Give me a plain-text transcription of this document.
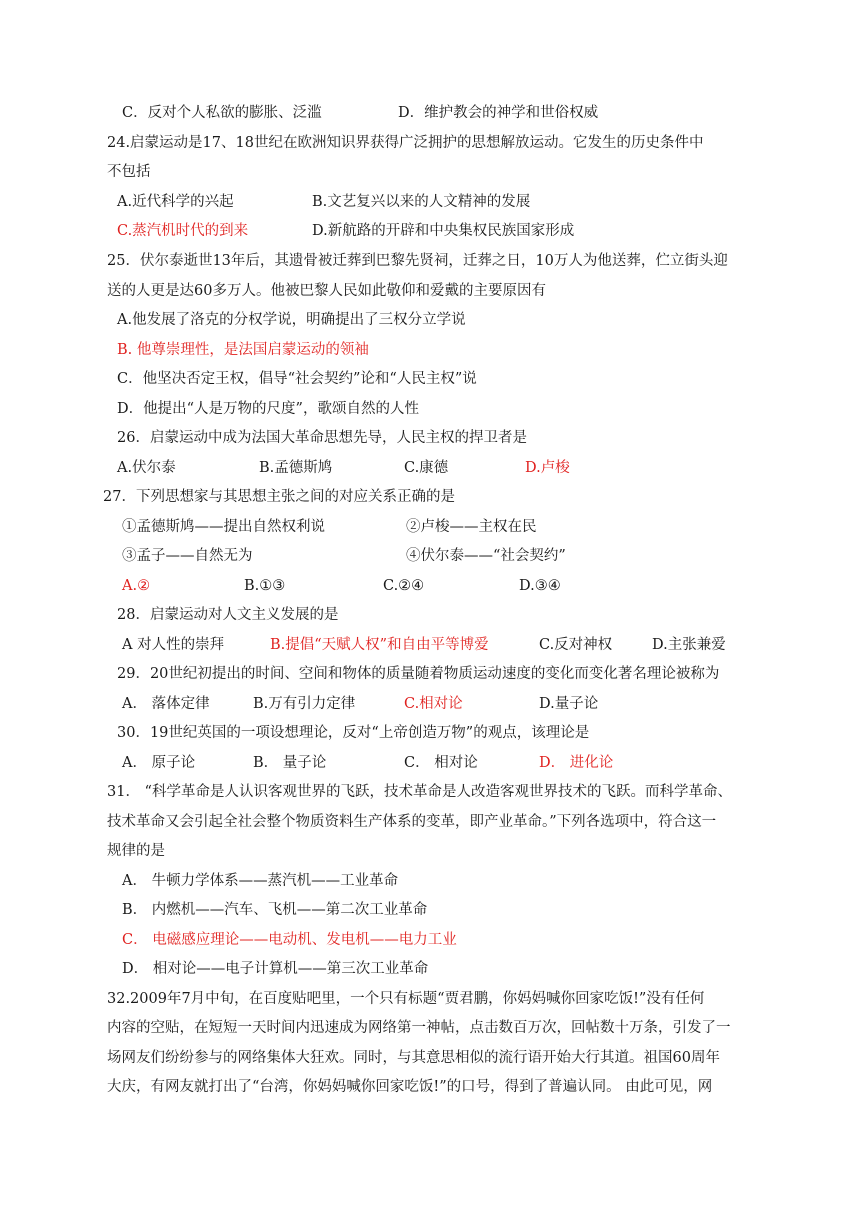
C．反对个人私欲的膨胀、泛滥	D．维护教会的神学和世俗权威
24.启蒙运动是17、18世纪在欧洲知识界获得广泛拥护的思想解放运动。它发生的历史条件中
不包括
A.近代科学的兴起	B.文艺复兴以来的人文精神的发展
C.蒸汽机时代的到来	D.新航路的开辟和中央集权民族国家形成
25．伏尔泰逝世13年后，其遗骨被迁葬到巴黎先贤祠，迁葬之日，10万人为他送葬，伫立街头迎
送的人更是达60多万人。他被巴黎人民如此敬仰和爱戴的主要原因有
A.他发展了洛克的分权学说，明确提出了三权分立学说
B. 他尊崇理性，是法国启蒙运动的领袖
C．他坚决否定王权，倡导“社会契约”论和“人民主权”说
D．他提出“人是万物的尺度”，歌颂自然的人性
26．启蒙运动中成为法国大革命思想先导，人民主权的捍卫者是
A.伏尔泰	B.孟德斯鸠	C.康德	D.卢梭
27．下列思想家与其思想主张之间的对应关系正确的是
①孟德斯鸠——提出自然权利说	②卢梭——主权在民
③孟子——自然无为	④伏尔泰——“社会契约”
A.②	B.①③	C.②④	D.③④
28．启蒙运动对人文主义发展的是
A 对人性的崇拜	B.提倡“天赋人权”和自由平等博爱	C.反对神权	D.主张兼爱
29．20世纪初提出的时间、空间和物体的质量随着物质运动速度的变化而变化著名理论被称为
A． 落体定律	B.万有引力定律	C.相对论	D.量子论
30．19世纪英国的一项设想理论，反对“上帝创造万物”的观点，该理论是
A． 原子论	B． 量子论	C． 相对论	D． 进化论
31． “科学革命是人认识客观世界的飞跃，技术革命是人改造客观世界技术的飞跃。而科学革命、
技术革命又会引起全社会整个物质资料生产体系的变革，即产业革命。”下列各选项中，符合这一
规律的是
A． 牛顿力学体系——蒸汽机——工业革命
B． 内燃机——汽车、飞机——第二次工业革命
C． 电磁感应理论——电动机、发电机——电力工业
D． 相对论——电子计算机——第三次工业革命
32.2009年7月中旬，在百度贴吧里，一个只有标题“贾君鹏，你妈妈喊你回家吃饭!”没有任何
内容的空贴，在短短一天时间内迅速成为网络第一神帖，点击数百万次，回帖数十万条，引发了一
场网友们纷纷参与的网络集体大狂欢。同时，与其意思相似的流行语开始大行其道。祖国60周年
大庆，有网友就打出了“台湾，你妈妈喊你回家吃饭!”的口号，得到了普遍认同。 由此可见，网
